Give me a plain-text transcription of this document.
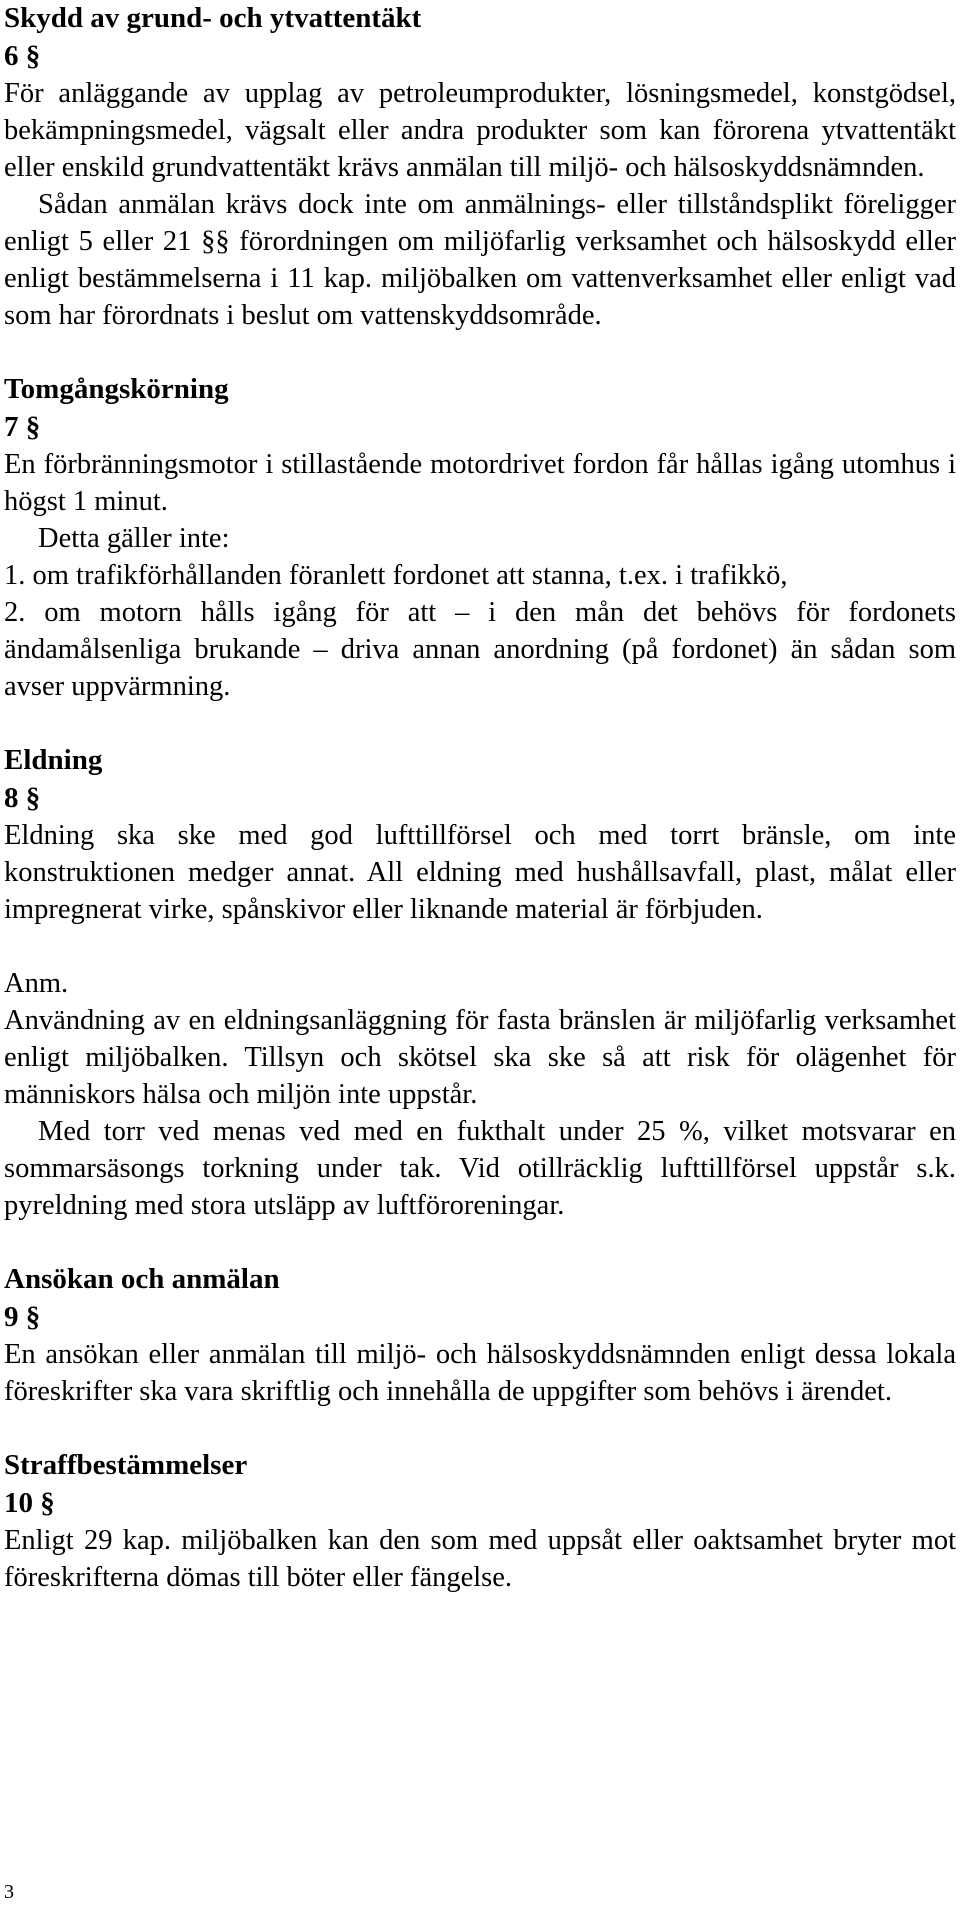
Skydd av grund- och ytvattentäkt
6 §

För anläggande av upplag av petroleumprodukter, lösningsmedel, konstgödsel, bekämpningsmedel, vägsalt eller andra produkter som kan förorena ytvattentäkt eller enskild grundvattentäkt krävs anmälan till miljö- och hälsoskyddsnämnden.

Sådan anmälan krävs dock inte om anmälnings- eller tillståndsplikt föreligger enligt 5 eller 21 §§ förordningen om miljöfarlig verksamhet och hälsoskydd eller enligt bestämmelserna i 11 kap. miljöbalken om vattenverksamhet eller enligt vad som har förordnats i beslut om vattenskyddsområde.

Tomgångskörning
7 §

En förbränningsmotor i stillastående motordrivet fordon får hållas igång utomhus i högst 1 minut.

Detta gäller inte:

1. om trafikförhållanden föranlett fordonet att stanna, t.ex. i trafikkö,

2. om motorn hålls igång för att – i den mån det behövs för fordonets ändamålsenliga brukande – driva annan anordning (på fordonet) än sådan som avser uppvärmning.

Eldning
8 §

Eldning ska ske med god lufttillförsel och med torrt bränsle, om inte konstruktionen medger annat. All eldning med hushållsavfall, plast, målat eller impregnerat virke, spånskivor eller liknande material är förbjuden.

Anm.

Användning av en eldningsanläggning för fasta bränslen är miljöfarlig verksamhet enligt miljöbalken. Tillsyn och skötsel ska ske så att risk för olägenhet för människors hälsa och miljön inte uppstår.

Med torr ved menas ved med en fukthalt under 25 %, vilket motsvarar en sommarsäsongs torkning under tak. Vid otillräcklig lufttillförsel uppstår s.k. pyreldning med stora utsläpp av luftföroreningar.

Ansökan och anmälan
9 §

En ansökan eller anmälan till miljö- och hälsoskyddsnämnden enligt dessa lokala föreskrifter ska vara skriftlig och innehålla de uppgifter som behövs i ärendet.

Straffbestämmelser
10 §

Enligt 29 kap. miljöbalken kan den som med uppsåt eller oaktsamhet bryter mot föreskrifterna dömas till böter eller fängelse.

3
